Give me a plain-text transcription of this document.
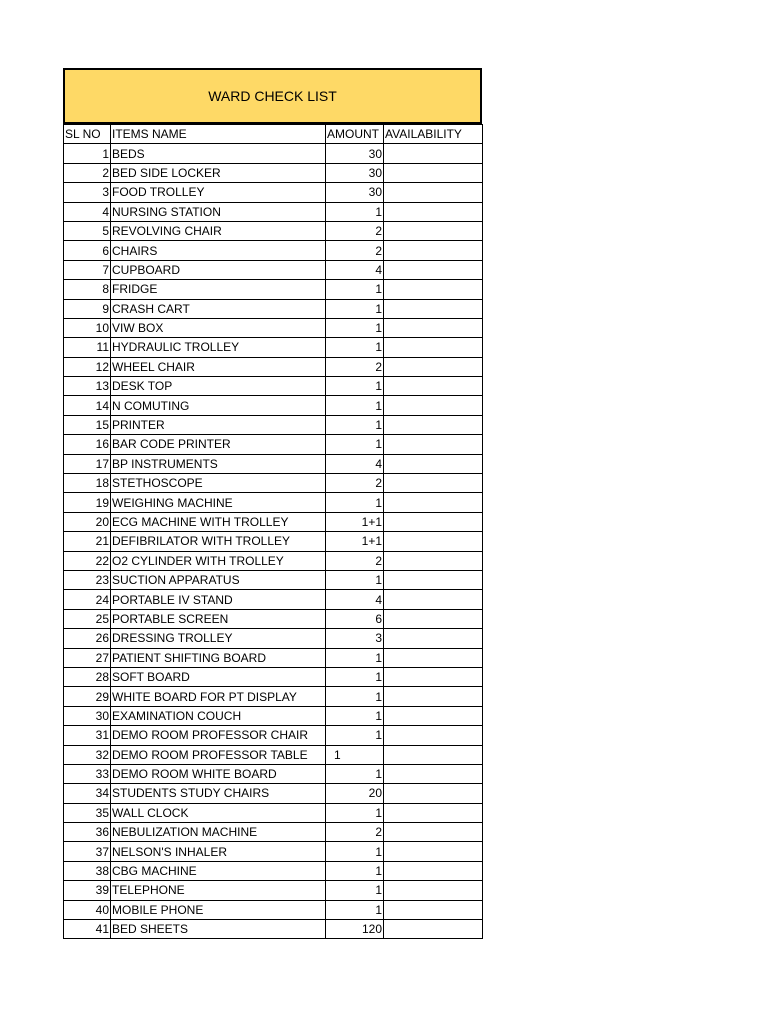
WARD CHECK LIST
SL NO	ITEMS NAME	AMOUNT	AVAILABILITY
1	BEDS	30	
2	BED SIDE LOCKER	30	
3	FOOD TROLLEY	30	
4	NURSING STATION	1	
5	REVOLVING CHAIR	2	
6	CHAIRS	2	
7	CUPBOARD	4	
8	FRIDGE	1	
9	CRASH CART	1	
10	VIW BOX	1	
11	HYDRAULIC TROLLEY	1	
12	WHEEL CHAIR	2	
13	DESK TOP	1	
14	N COMUTING	1	
15	PRINTER	1	
16	BAR CODE PRINTER	1	
17	BP INSTRUMENTS	4	
18	STETHOSCOPE	2	
19	WEIGHING MACHINE	1	
20	ECG MACHINE WITH TROLLEY	1+1	
21	DEFIBRILATOR WITH TROLLEY	1+1	
22	O2 CYLINDER WITH TROLLEY	2	
23	SUCTION APPARATUS	1	
24	PORTABLE IV STAND	4	
25	PORTABLE SCREEN	6	
26	DRESSING TROLLEY	3	
27	PATIENT SHIFTING BOARD	1	
28	SOFT BOARD	1	
29	WHITE BOARD FOR PT DISPLAY	1	
30	EXAMINATION COUCH	1	
31	DEMO ROOM PROFESSOR CHAIR	1	
32	DEMO ROOM PROFESSOR TABLE	1	
33	DEMO ROOM WHITE BOARD	1	
34	STUDENTS STUDY CHAIRS	20	
35	WALL CLOCK	1	
36	NEBULIZATION MACHINE	2	
37	NELSON'S INHALER	1	
38	CBG MACHINE	1	
39	TELEPHONE	1	
40	MOBILE PHONE	1	
41	BED SHEETS	120	
